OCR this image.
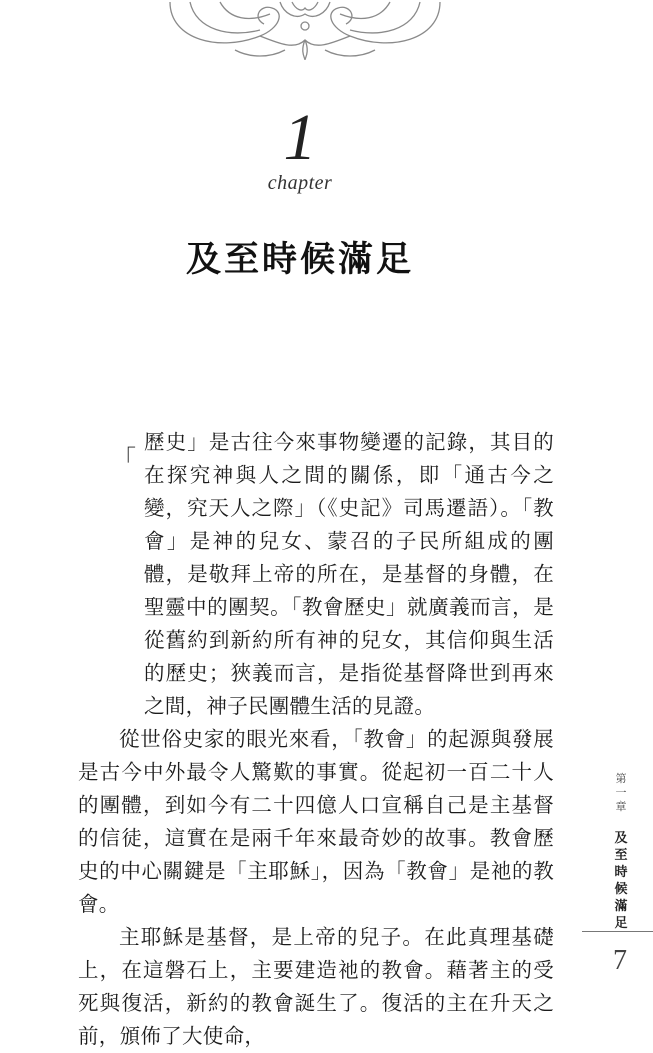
1
chapter
及至時候滿足
「

歷史」是古往今來事物變遷的記錄，其目的在探究神與人之間的關係，即「通古今之變，究天人之際」（《史記》司馬遷語）。「教會」是神的兒女、蒙召的子民所組成的團體，是敬拜上帝的所在，是基督的身體，在聖靈中的團契。「教會歷史」就廣義而言，是從舊約到新約所有神的兒女，其信仰與生活的歷史；狹義而言，是指從基督降世到再來之間，神子民團體生活的見證。

從世俗史家的眼光來看，「教會」的起源與發展是古今中外最令人驚歎的事實。從起初一百二十人的團體，到如今有二十四億人口宣稱自己是主基督的信徒，這實在是兩千年來最奇妙的故事。教會歷史的中心關鍵是「主耶穌」，因為「教會」是祂的教會。

主耶穌是基督，是上帝的兒子。在此真理基礎上，在這磐石上，主要建造祂的教會。藉著主的受死與復活，新約的教會誕生了。復活的主在升天之前，頒佈了大使命，

第一章
及至時候滿足
7
